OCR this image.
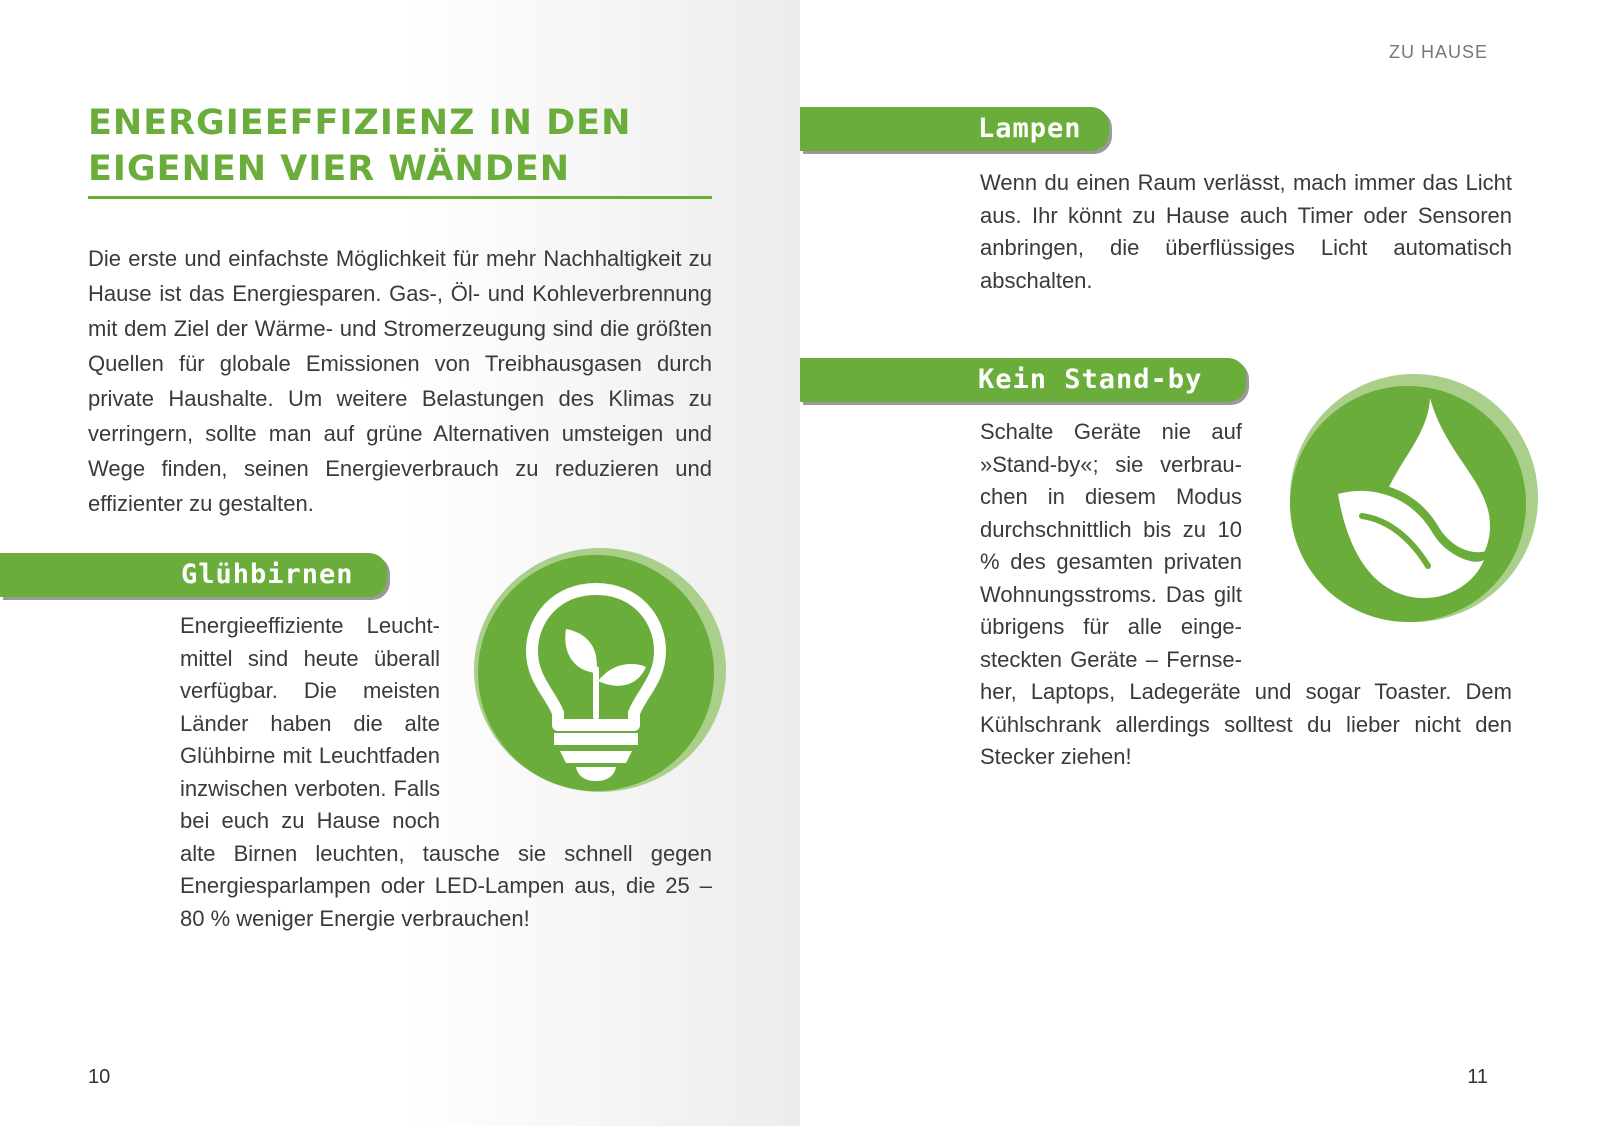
ENERGIEEFFIZIENZ IN DEN
EIGENEN VIER WÄNDEN

Die erste und einfachste Möglichkeit für mehr Nachhaltigkeit zu Hause ist das Energiesparen. Gas-, Öl- und Kohleverbrennung mit dem Ziel der Wärme- und Stromerzeugung sind die größten Quellen für globale Emissionen von Treibhausgasen durch private Haushalte. Um weitere Belastungen des Klimas zu verringern, sollte man auf grüne Alternativen umsteigen und Wege finden, seinen Energieverbrauch zu reduzieren und effizienter zu gestalten.

Glühbirnen
Energieeffiziente Leuchtmittel sind heute überall verfügbar. Die meisten Länder haben die alte Glühbirne mit Leuchtfaden inzwischen verboten. Falls bei euch zu Hause noch alte Birnen leuchten, tausche sie schnell gegen Energiesparlampen oder LED-Lampen aus, die 25 – 80 % weniger Energie verbrauchen!
10
ZU HAUSE
Lampen

Wenn du einen Raum verlässt, mach immer das Licht aus. Ihr könnt zu Hause auch Timer oder Sensoren anbringen, die überflüssiges Licht automatisch abschalten.

Kein Stand-by
Schalte Geräte nie auf »Stand-by«; sie verbrauchen in diesem Modus durchschnittlich bis zu 10 % des gesamten privaten Wohnungsstroms. Das gilt übrigens für alle eingesteckten Geräte – Fernseher, Laptops, Ladegeräte und sogar Toaster. Dem Kühlschrank allerdings solltest du lieber nicht den Stecker ziehen!
11
